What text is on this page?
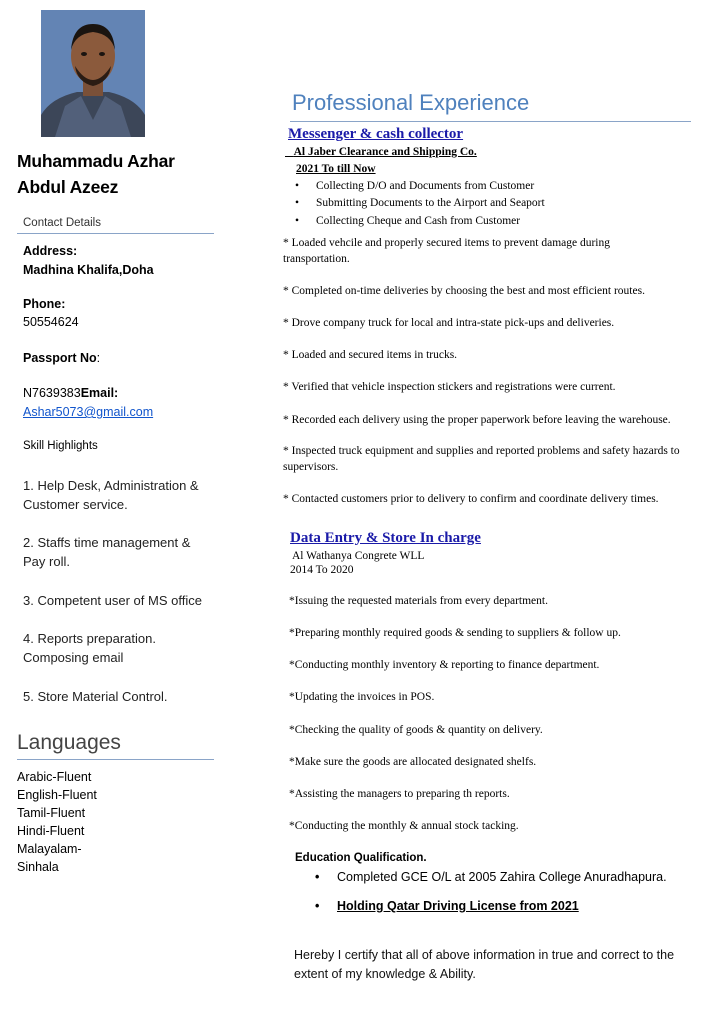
Muhammadu Azhar
Abdul Azeez
Contact Details
Address:
Madhina Khalifa,Doha
Phone:
50554624
Passport No:
N7639383Email:
Ashar5073@gmail.com
Skill Highlights
1. Help Desk, Administration & Customer service.
2. Staffs time management & Pay roll.
3. Competent user of MS office
4. Reports preparation. Composing email
5. Store Material Control.
Languages
Arabic-Fluent
English-Fluent
Tamil-Fluent
Hindi-Fluent
Malayalam-
Sinhala
Professional Experience
Messenger & cash collector
Al Jaber Clearance and Shipping Co.
2021 To till Now
• Collecting D/O and Documents from Customer
• Submitting Documents to the Airport and Seaport
• Collecting Cheque and Cash from Customer
* Loaded vehcile and properly secured items to prevent damage during transportation.
* Completed on-time deliveries by choosing the best and most efficient routes.
* Drove company truck for local and intra-state pick-ups and deliveries.
* Loaded and secured items in trucks.
* Verified that vehicle inspection stickers and registrations were current.
* Recorded each delivery using the proper paperwork before leaving the warehouse.
* Inspected truck equipment and supplies and reported problems and safety hazards to supervisors.
* Contacted customers prior to delivery to confirm and coordinate delivery times.
Data Entry & Store In charge
Al Wathanya Congrete WLL
2014 To 2020
*Issuing the requested materials from every department.
*Preparing monthly required goods & sending to suppliers & follow up.
*Conducting monthly inventory & reporting to finance department.
*Updating the invoices in POS.
*Checking the quality of goods & quantity on delivery.
*Make sure the goods are allocated designated shelfs.
*Assisting the managers to preparing th reports.
*Conducting the monthly & annual stock tacking.
Education Qualification.
• Completed GCE O/L at 2005 Zahira College Anuradhapura.
• Holding Qatar Driving License from 2021
Hereby I certify that all of above information in true and correct to the extent of my knowledge & Ability.
